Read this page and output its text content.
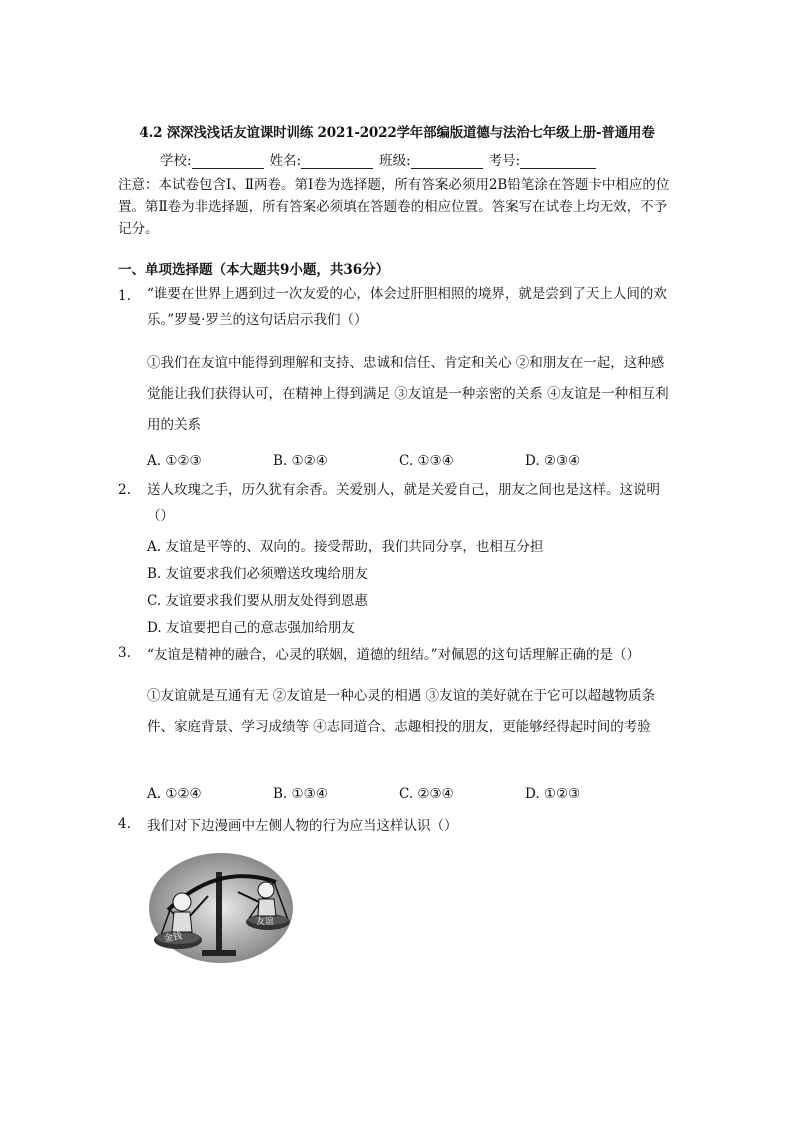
4.2 深深浅浅话友谊课时训练 2021-2022学年部编版道德与法治七年级上册-普通用卷
学校:	姓名:	班级:	考号:
注意：本试卷包含Ⅰ、Ⅱ两卷。第Ⅰ卷为选择题，所有答案必须用2B铅笔涂在答题卡中相应的位置。第Ⅱ卷为非选择题，所有答案必须填在答题卷的相应位置。答案写在试卷上均无效，不予记分。
一、单项选择题（本大题共9小题，共36分）
1. “谁要在世界上遇到过一次友爱的心，体会过肝胆相照的境界，就是尝到了天上人间的欢乐。”罗曼·罗兰的这句话启示我们（）
①我们在友谊中能得到理解和支持、忠诚和信任、肯定和关心 ②和朋友在一起，这种感觉能让我们获得认可，在精神上得到满足 ③友谊是一种亲密的关系 ④友谊是一种相互利用的关系
A. ①②③	B. ①②④	C. ①③④	D. ②③④
2. 送人玫瑰之手，历久犹有余香。关爱别人，就是关爱自己，朋友之间也是这样。这说明（）
A. 友谊是平等的、双向的。接受帮助，我们共同分享，也相互分担
B. 友谊要求我们必须赠送玫瑰给朋友
C. 友谊要求我们要从朋友处得到恩惠
D. 友谊要把自己的意志强加给朋友
3. “友谊是精神的融合，心灵的联姻，道德的纽结。”对佩恩的这句话理解正确的是（）
①友谊就是互通有无 ②友谊是一种心灵的相遇 ③友谊的美好就在于它可以超越物质条件、家庭背景、学习成绩等 ④志同道合、志趣相投的朋友，更能够经得起时间的考验
A. ①②④	B. ①③④	C. ②③④	D. ①②③
4. 我们对下边漫画中左侧人物的行为应当这样认识（）
金钱
友谊
